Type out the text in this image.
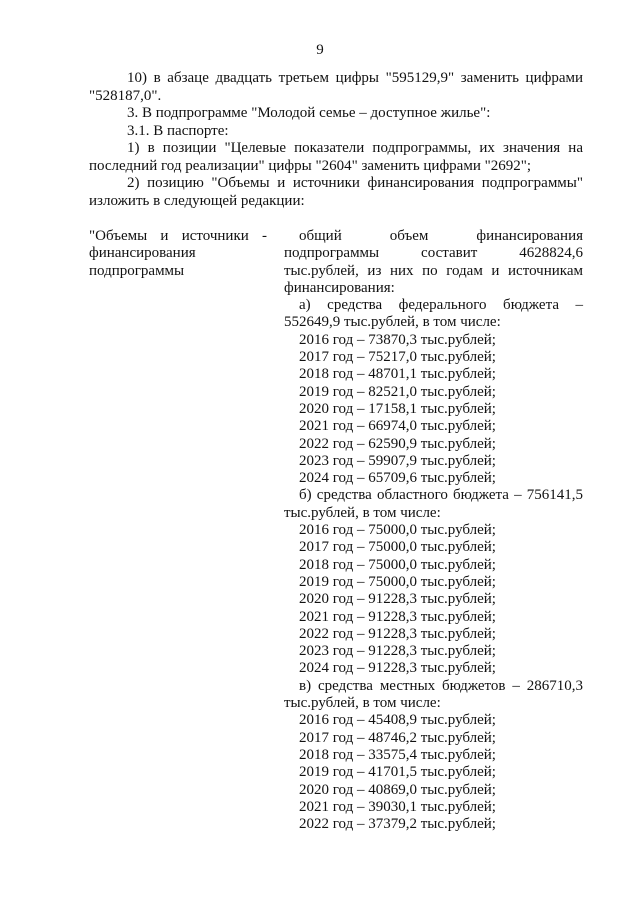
9

10) в абзаце двадцать третьем цифры "595129,9" заменить цифрами "528187,0".

3. В подпрограмме "Молодой семье – доступное жилье":

3.1. В паспорте:

1) в позиции "Целевые показатели подпрограммы, их значения на последний год реализации" цифры "2604" заменить цифрами "2692";

2) позицию "Объемы и источники финансирования подпрограммы" изложить в следующей редакции:

"Объемы и источники - финансирования подпрограммы

общий объем финансирования подпрограммы составит 4628824,6 тыс.рублей, из них по годам и источникам финансирования:

а) средства федерального бюджета – 552649,9 тыс.рублей, в том числе:

2016 год – 73870,3 тыс.рублей;
2017 год – 75217,0 тыс.рублей;
2018 год – 48701,1 тыс.рублей;
2019 год – 82521,0 тыс.рублей;
2020 год – 17158,1 тыс.рублей;
2021 год – 66974,0 тыс.рублей;
2022 год – 62590,9 тыс.рублей;
2023 год – 59907,9 тыс.рублей;
2024 год – 65709,6 тыс.рублей;

б) средства областного бюджета – 756141,5 тыс.рублей, в том числе:

2016 год – 75000,0 тыс.рублей;
2017 год – 75000,0 тыс.рублей;
2018 год – 75000,0 тыс.рублей;
2019 год – 75000,0 тыс.рублей;
2020 год – 91228,3 тыс.рублей;
2021 год – 91228,3 тыс.рублей;
2022 год – 91228,3 тыс.рублей;
2023 год – 91228,3 тыс.рублей;
2024 год – 91228,3 тыс.рублей;

в) средства местных бюджетов – 286710,3 тыс.рублей, в том числе:

2016 год – 45408,9 тыс.рублей;
2017 год – 48746,2 тыс.рублей;
2018 год – 33575,4 тыс.рублей;
2019 год – 41701,5 тыс.рублей;
2020 год – 40869,0 тыс.рублей;
2021 год – 39030,1 тыс.рублей;
2022 год – 37379,2 тыс.рублей;
